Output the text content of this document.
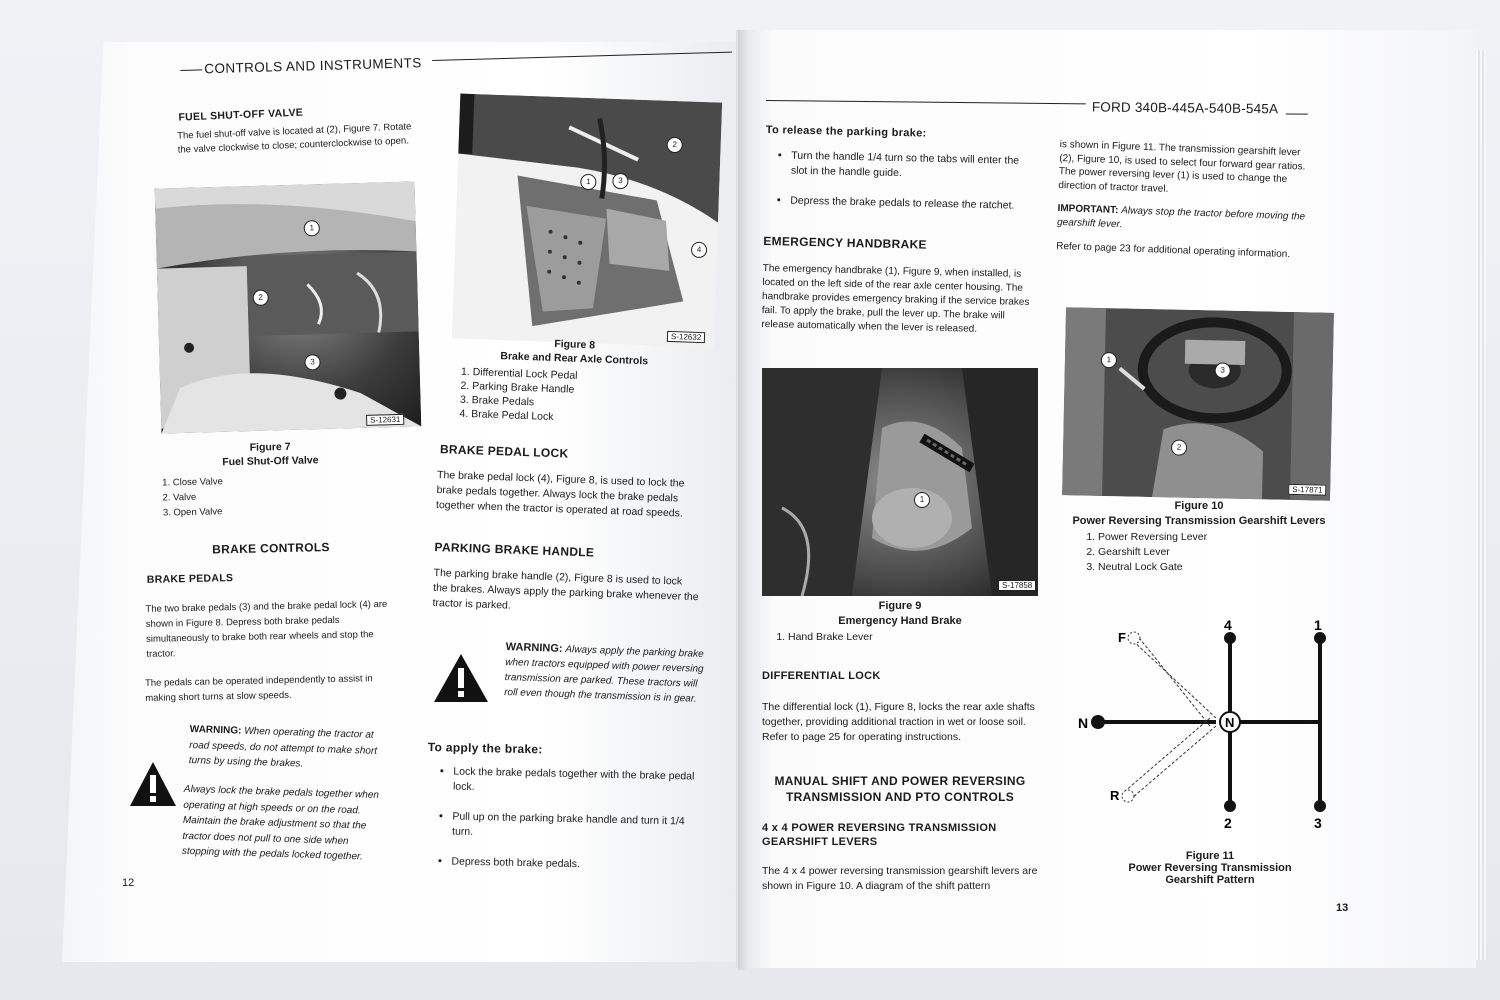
CONTROLS AND INSTRUMENTS
FUEL SHUT-OFF VALVE
The fuel shut-off valve is located at (2), Figure 7. Rotate the valve clockwise to close; counterclockwise to open.
1
2
3
S-12631
Figure 7
Fuel Shut-Off Valve
1. Close Valve
2. Valve
3. Open Valve
BRAKE CONTROLS
BRAKE PEDALS
The two brake pedals (3) and the brake pedal lock (4) are shown in Figure 8. Depress both brake pedals simultaneously to brake both rear wheels and stop the tractor.
The pedals can be operated independently to assist in making short turns at slow speeds.
WARNING: When operating the tractor at road speeds, do not attempt to make short turns by using the brakes.
Always lock the brake pedals together when operating at high speeds or on the road. Maintain the brake adjustment so that the tractor does not pull to one side when stopping with the pedals locked together.
12
2
3
1
4
S-12632
Figure 8
Brake and Rear Axle Controls
1. Differential Lock Pedal
2. Parking Brake Handle
3. Brake Pedals
4. Brake Pedal Lock
BRAKE PEDAL LOCK
The brake pedal lock (4), Figure 8, is used to lock the brake pedals together. Always lock the brake pedals together when the tractor is operated at road speeds.
PARKING BRAKE HANDLE
The parking brake handle (2), Figure 8 is used to lock the brakes. Always apply the parking brake whenever the tractor is parked.
WARNING: Always apply the parking brake when tractors equipped with power reversing transmission are parked. These tractors will roll even though the transmission is in gear.
To apply the brake:
• Lock the brake pedals together with the brake pedal lock.
• Pull up on the parking brake handle and turn it 1/4 turn.
• Depress both brake pedals.
FORD 340B-445A-540B-545A
To release the parking brake:
• Turn the handle 1/4 turn so the tabs will enter the slot in the handle guide.
• Depress the brake pedals to release the ratchet.
EMERGENCY HANDBRAKE
The emergency handbrake (1), Figure 9, when installed, is located on the left side of the rear axle center housing. The handbrake provides emergency braking if the service brakes fail. To apply the brake, pull the lever up. The brake will release automatically when the lever is released.
1
S-17858
Figure 9
Emergency Hand Brake
1. Hand Brake Lever
DIFFERENTIAL LOCK
The differential lock (1), Figure 8, locks the rear axle shafts together, providing additional traction in wet or loose soil. Refer to page 25 for operating instructions.
MANUAL SHIFT AND POWER REVERSING
TRANSMISSION AND PTO CONTROLS
4 x 4 POWER REVERSING TRANSMISSION
GEARSHIFT LEVERS
The 4 x 4 power reversing transmission gearshift levers are shown in Figure 10. A diagram of the shift pattern
is shown in Figure 11. The transmission gearshift lever (2), Figure 10, is used to select four forward gear ratios. The power reversing lever (1) is used to change the direction of tractor travel.
IMPORTANT: Always stop the tractor before moving the gearshift lever.
Refer to page 23 for additional operating information.
1
3
2
S-17871
Figure 10
Power Reversing Transmission Gearshift Levers
1. Power Reversing Lever
2. Gearshift Lever
3. Neutral Lock Gate
F
N
R
N
4	1
2	3
Figure 11
Power Reversing Transmission
Gearshift Pattern
13
